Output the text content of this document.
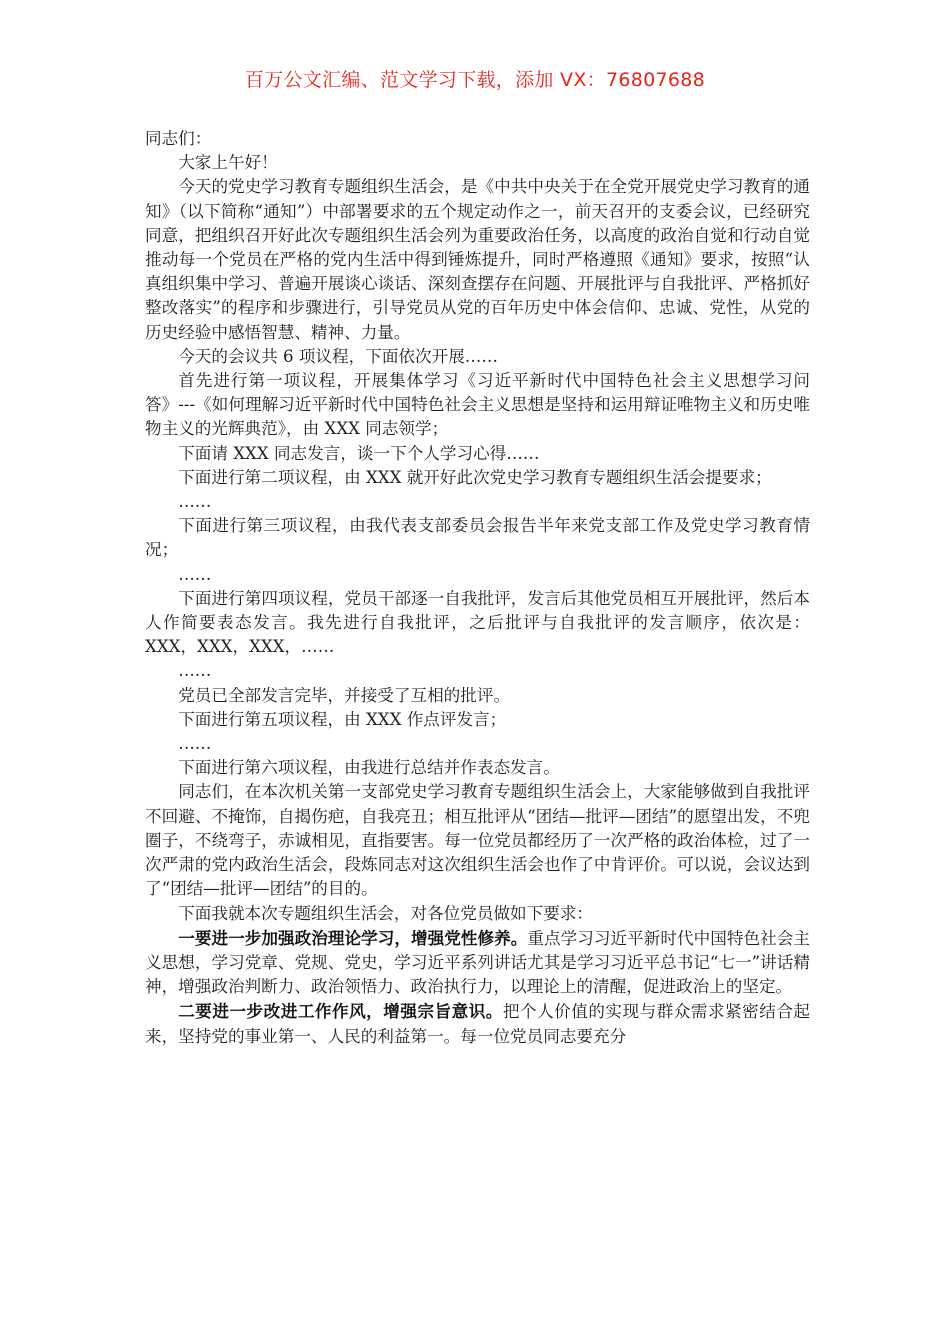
百万公文汇编、范文学习下载，添加 VX：76807688

同志们：

大家上午好！

今天的党史学习教育专题组织生活会，是《中共中央关于在全党开展党史学习教育的通知》（以下简称“通知”）中部署要求的五个规定动作之一，前天召开的支委会议，已经研究同意，把组织召开好此次专题组织生活会列为重要政治任务，以高度的政治自觉和行动自觉推动每一个党员在严格的党内生活中得到锤炼提升，同时严格遵照《通知》要求，按照“认真组织集中学习、普遍开展谈心谈话、深刻查摆存在问题、开展批评与自我批评、严格抓好整改落实”的程序和步骤进行，引导党员从党的百年历史中体会信仰、忠诚、党性，从党的历史经验中感悟智慧、精神、力量。

今天的会议共 6 项议程，下面依次开展……

首先进行第一项议程，开展集体学习《习近平新时代中国特色社会主义思想学习问答》---《如何理解习近平新时代中国特色社会主义思想是坚持和运用辩证唯物主义和历史唯物主义的光辉典范》，由 XXX 同志领学；

下面请 XXX 同志发言，谈一下个人学习心得……

下面进行第二项议程，由 XXX 就开好此次党史学习教育专题组织生活会提要求；

……

下面进行第三项议程，由我代表支部委员会报告半年来党支部工作及党史学习教育情况；

……

下面进行第四项议程，党员干部逐一自我批评，发言后其他党员相互开展批评，然后本人作简要表态发言。我先进行自我批评，之后批评与自我批评的发言顺序，依次是：XXX，XXX，XXX，……

……

党员已全部发言完毕，并接受了互相的批评。

下面进行第五项议程，由 XXX 作点评发言；

……

下面进行第六项议程，由我进行总结并作表态发言。

同志们，在本次机关第一支部党史学习教育专题组织生活会上，大家能够做到自我批评不回避、不掩饰，自揭伤疤，自我亮丑；相互批评从“团结—批评—团结”的愿望出发，不兜圈子，不绕弯子，赤诚相见，直指要害。每一位党员都经历了一次严格的政治体检，过了一次严肃的党内政治生活会，段炼同志对这次组织生活会也作了中肯评价。可以说，会议达到了“团结—批评—团结”的目的。

下面我就本次专题组织生活会，对各位党员做如下要求：

一要进一步加强政治理论学习，增强党性修养。重点学习习近平新时代中国特色社会主义思想，学习党章、党规、党史，学习近平系列讲话尤其是学习习近平总书记“七一”讲话精神，增强政治判断力、政治领悟力、政治执行力，以理论上的清醒，促进政治上的坚定。

二要进一步改进工作作风，增强宗旨意识。把个人价值的实现与群众需求紧密结合起来，坚持党的事业第一、人民的利益第一。每一位党员同志要充分
